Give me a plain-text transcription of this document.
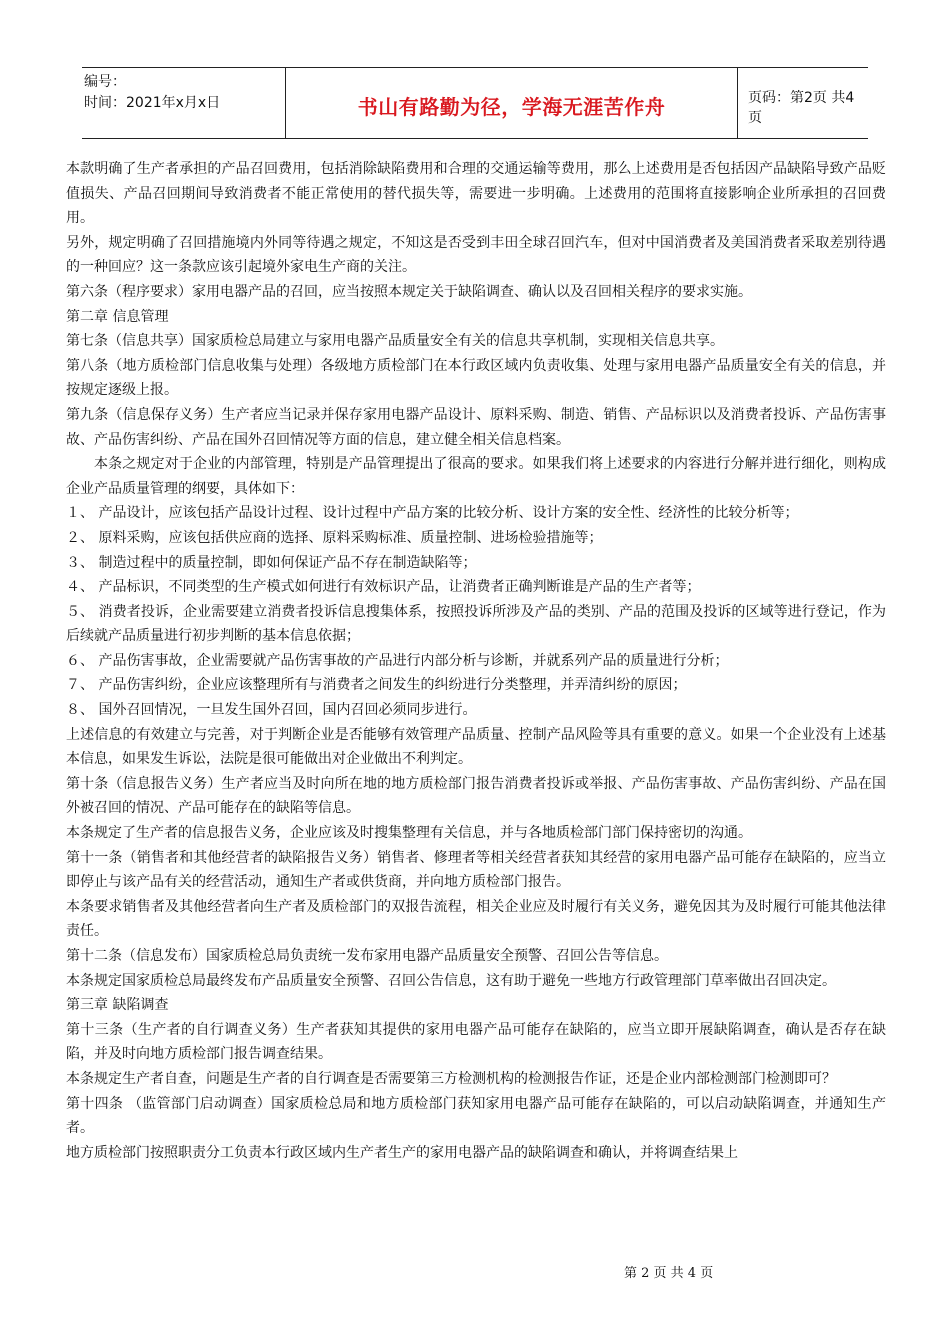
编号：
时间：2021年x月x日	书山有路勤为径，学海无涯苦作舟	页码：第2页 共4页

本款明确了生产者承担的产品召回费用，包括消除缺陷费用和合理的交通运输等费用，那么上述费用是否包括因产品缺陷导致产品贬值损失、产品召回期间导致消费者不能正常使用的替代损失等，需要进一步明确。上述费用的范围将直接影响企业所承担的召回费用。

另外，规定明确了召回措施境内外同等待遇之规定，不知这是否受到丰田全球召回汽车，但对中国消费者及美国消费者采取差别待遇的一种回应？这一条款应该引起境外家电生产商的关注。

第六条（程序要求）家用电器产品的召回，应当按照本规定关于缺陷调查、确认以及召回相关程序的要求实施。

第二章 信息管理

第七条（信息共享）国家质检总局建立与家用电器产品质量安全有关的信息共享机制，实现相关信息共享。

第八条（地方质检部门信息收集与处理）各级地方质检部门在本行政区域内负责收集、处理与家用电器产品质量安全有关的信息，并按规定逐级上报。

第九条（信息保存义务）生产者应当记录并保存家用电器产品设计、原料采购、制造、销售、产品标识以及消费者投诉、产品伤害事故、产品伤害纠纷、产品在国外召回情况等方面的信息，建立健全相关信息档案。

本条之规定对于企业的内部管理，特别是产品管理提出了很高的要求。如果我们将上述要求的内容进行分解并进行细化，则构成企业产品质量管理的纲要，具体如下：

１、 产品设计，应该包括产品设计过程、设计过程中产品方案的比较分析、设计方案的安全性、经济性的比较分析等；

２、 原料采购，应该包括供应商的选择、原料采购标准、质量控制、进场检验措施等；

３、 制造过程中的质量控制，即如何保证产品不存在制造缺陷等；

４、 产品标识，不同类型的生产模式如何进行有效标识产品，让消费者正确判断谁是产品的生产者等；

５、 消费者投诉，企业需要建立消费者投诉信息搜集体系，按照投诉所涉及产品的类别、产品的范围及投诉的区域等进行登记，作为后续就产品质量进行初步判断的基本信息依据；

６、 产品伤害事故，企业需要就产品伤害事故的产品进行内部分析与诊断，并就系列产品的质量进行分析；

７、 产品伤害纠纷，企业应该整理所有与消费者之间发生的纠纷进行分类整理，并弄清纠纷的原因；

８、 国外召回情况，一旦发生国外召回，国内召回必须同步进行。

上述信息的有效建立与完善，对于判断企业是否能够有效管理产品质量、控制产品风险等具有重要的意义。如果一个企业没有上述基本信息，如果发生诉讼，法院是很可能做出对企业做出不利判定。

第十条（信息报告义务）生产者应当及时向所在地的地方质检部门报告消费者投诉或举报、产品伤害事故、产品伤害纠纷、产品在国外被召回的情况、产品可能存在的缺陷等信息。

本条规定了生产者的信息报告义务，企业应该及时搜集整理有关信息，并与各地质检部门部门保持密切的沟通。

第十一条（销售者和其他经营者的缺陷报告义务）销售者、修理者等相关经营者获知其经营的家用电器产品可能存在缺陷的，应当立即停止与该产品有关的经营活动，通知生产者或供货商，并向地方质检部门报告。

本条要求销售者及其他经营者向生产者及质检部门的双报告流程，相关企业应及时履行有关义务，避免因其为及时履行可能其他法律责任。

第十二条（信息发布）国家质检总局负责统一发布家用电器产品质量安全预警、召回公告等信息。

本条规定国家质检总局最终发布产品质量安全预警、召回公告信息，这有助于避免一些地方行政管理部门草率做出召回决定。

第三章 缺陷调查

第十三条（生产者的自行调查义务）生产者获知其提供的家用电器产品可能存在缺陷的，应当立即开展缺陷调查，确认是否存在缺陷，并及时向地方质检部门报告调查结果。

本条规定生产者自查，问题是生产者的自行调查是否需要第三方检测机构的检测报告作证，还是企业内部检测部门检测即可？

第十四条 （监管部门启动调查）国家质检总局和地方质检部门获知家用电器产品可能存在缺陷的，可以启动缺陷调查，并通知生产者。

地方质检部门按照职责分工负责本行政区域内生产者生产的家用电器产品的缺陷调查和确认，并将调查结果上

第 2 页 共 4 页
